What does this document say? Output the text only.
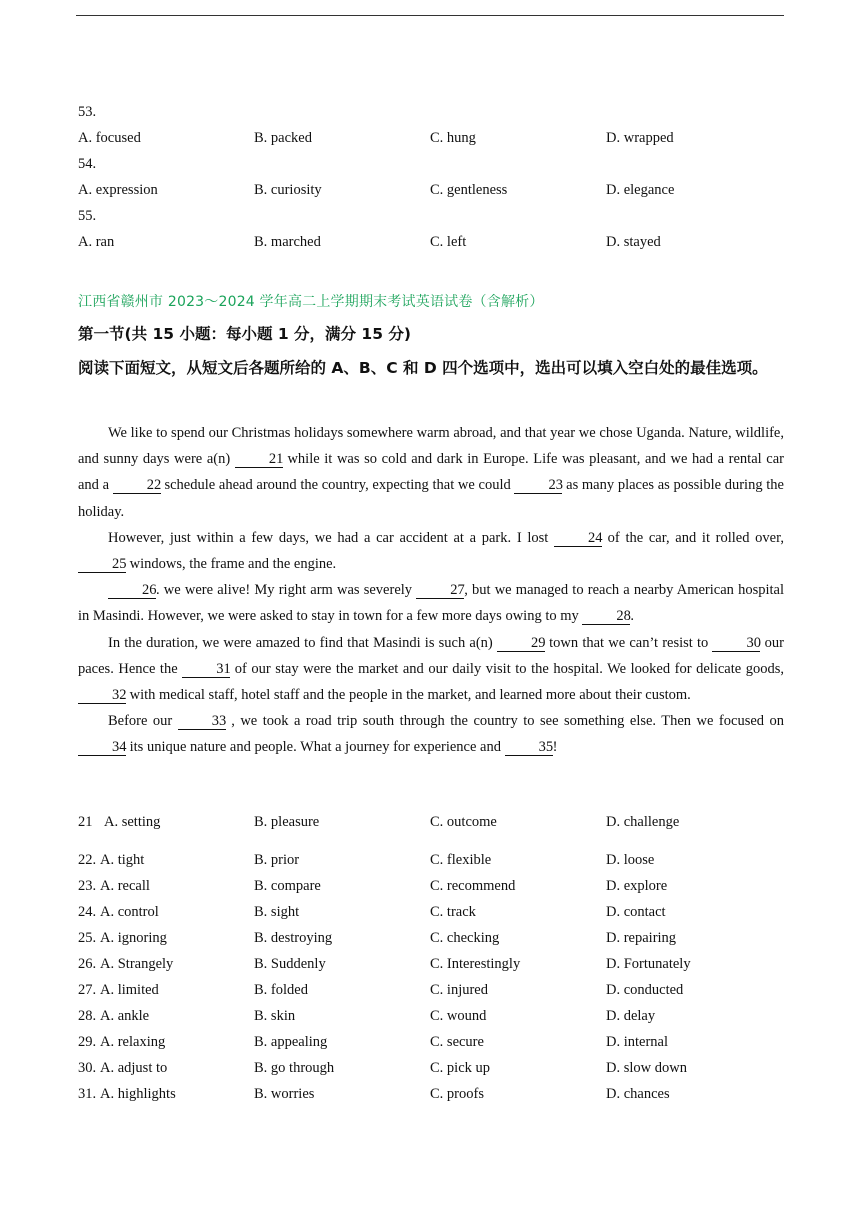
53.
A. focused	B. packed	C. hung	D. wrapped
54.
A. expression	B. curiosity	C. gentleness	D. elegance
55.
A. ran	B. marched	C. left	D. stayed
江西省赣州市 2023～2024 学年高二上学期期末考试英语试卷（含解析）
第一节(共 15 小题：每小题 1 分，满分 15 分)
阅读下面短文，从短文后各题所给的 A、B、C 和 D 四个选项中，选出可以填入空白处的最佳选项。

We like to spend our Christmas holidays somewhere warm abroad, and that year we chose Uganda. Nature, wildlife, and sunny days were a(n) 21 while it was so cold and dark in Europe. Life was pleasant, and we had a rental car and a 22 schedule ahead around the country, expecting that we could 23 as many places as possible during the holiday.

However, just within a few days, we had a car accident at a park. I lost 24 of the car, and it rolled over, 25 windows, the frame and the engine.

26. we were alive! My right arm was severely 27, but we managed to reach a nearby American hospital in Masindi. However, we were asked to stay in town for a few more days owing to my 28.

In the duration, we were amazed to find that Masindi is such a(n) 29 town that we can’t resist to 30 our paces. Hence the 31 of our stay were the market and our daily visit to the hospital. We looked for delicate goods, 32 with medical staff, hotel staff and the people in the market, and learned more about their custom.

Before our 33 , we took a road trip south through the country to see something else. Then we focused on 34 its unique nature and people. What a journey for experience and 35!

21 A. setting	B. pleasure	C. outcome	D. challenge
22. A. tight	B. prior	C. flexible	D. loose
23. A. recall	B. compare	C. recommend	D. explore
24. A. control	B. sight	C. track	D. contact
25. A. ignoring	B. destroying	C. checking	D. repairing
26. A. Strangely	B. Suddenly	C. Interestingly	D. Fortunately
27. A. limited	B. folded	C. injured	D. conducted
28. A. ankle	B. skin	C. wound	D. delay
29. A. relaxing	B. appealing	C. secure	D. internal
30. A. adjust to	B. go through	C. pick up	D. slow down
31. A. highlights	B. worries	C. proofs	D. chances
